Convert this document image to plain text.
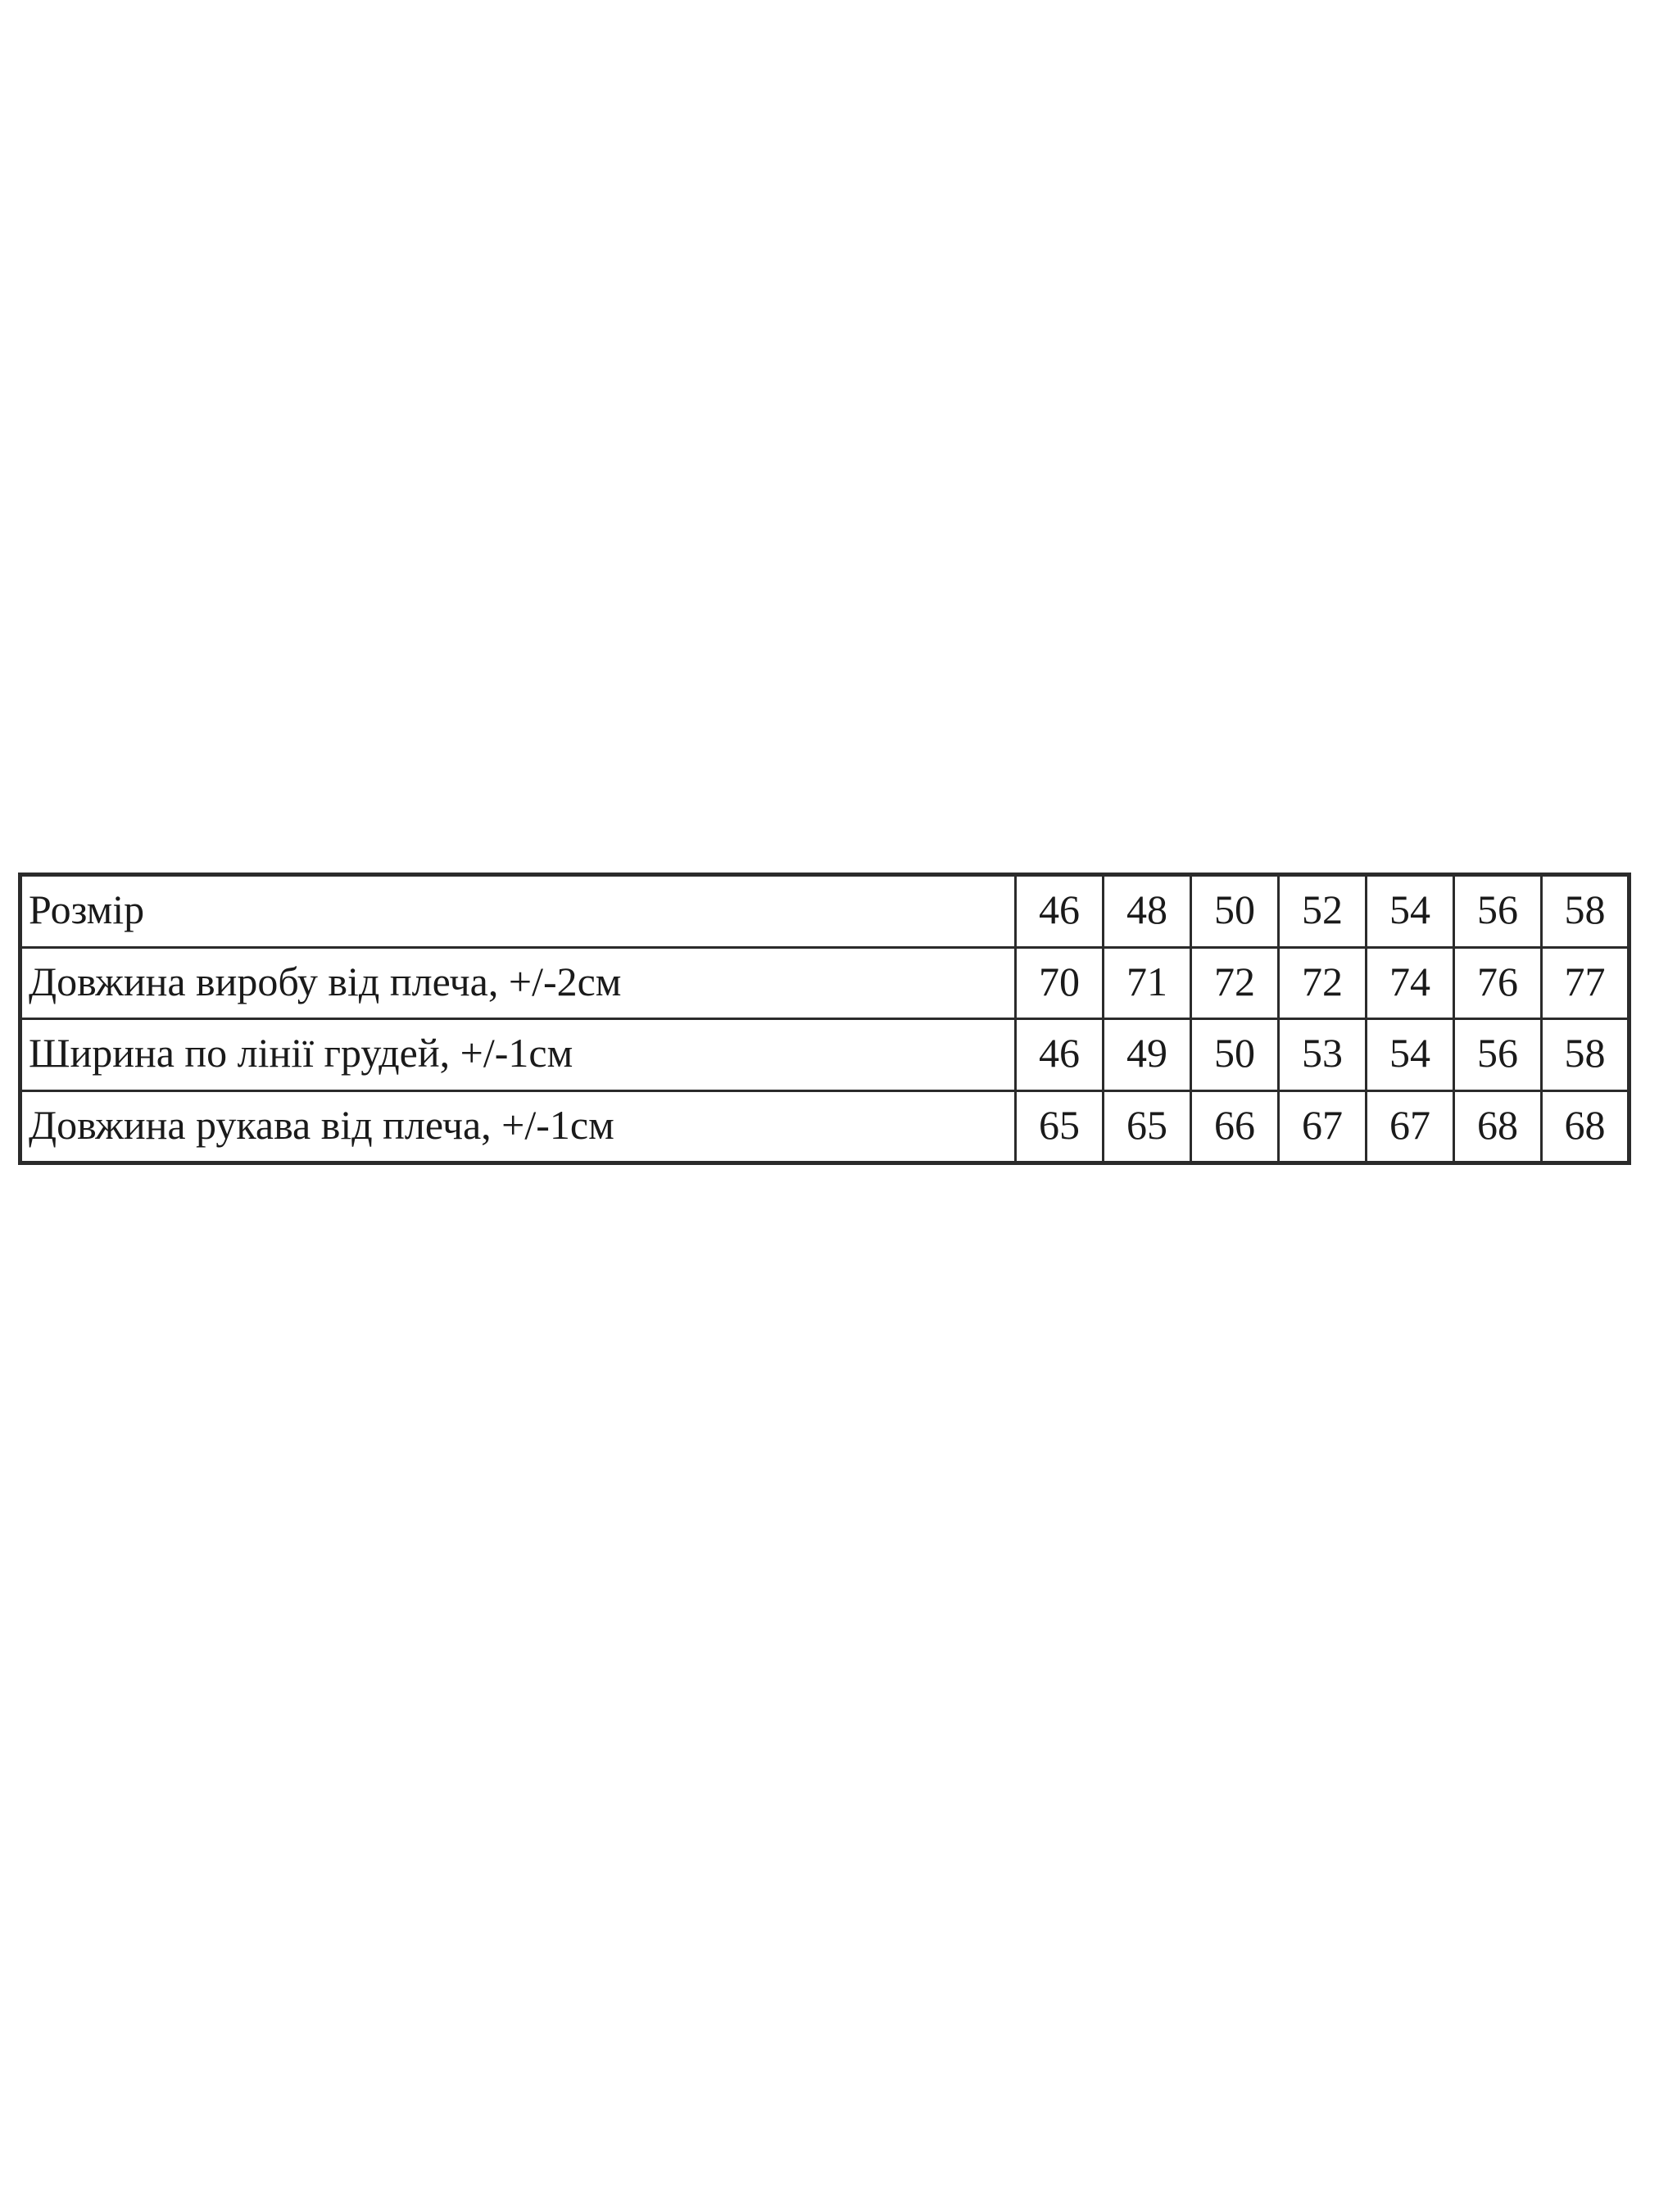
Розмір	46	48	50	52	54	56	58
Довжина виробу від плеча, +/-2см	70	71	72	72	74	76	77
Ширина по лінії грудей, +/-1см	46	49	50	53	54	56	58
Довжина рукава від плеча, +/-1см	65	65	66	67	67	68	68
